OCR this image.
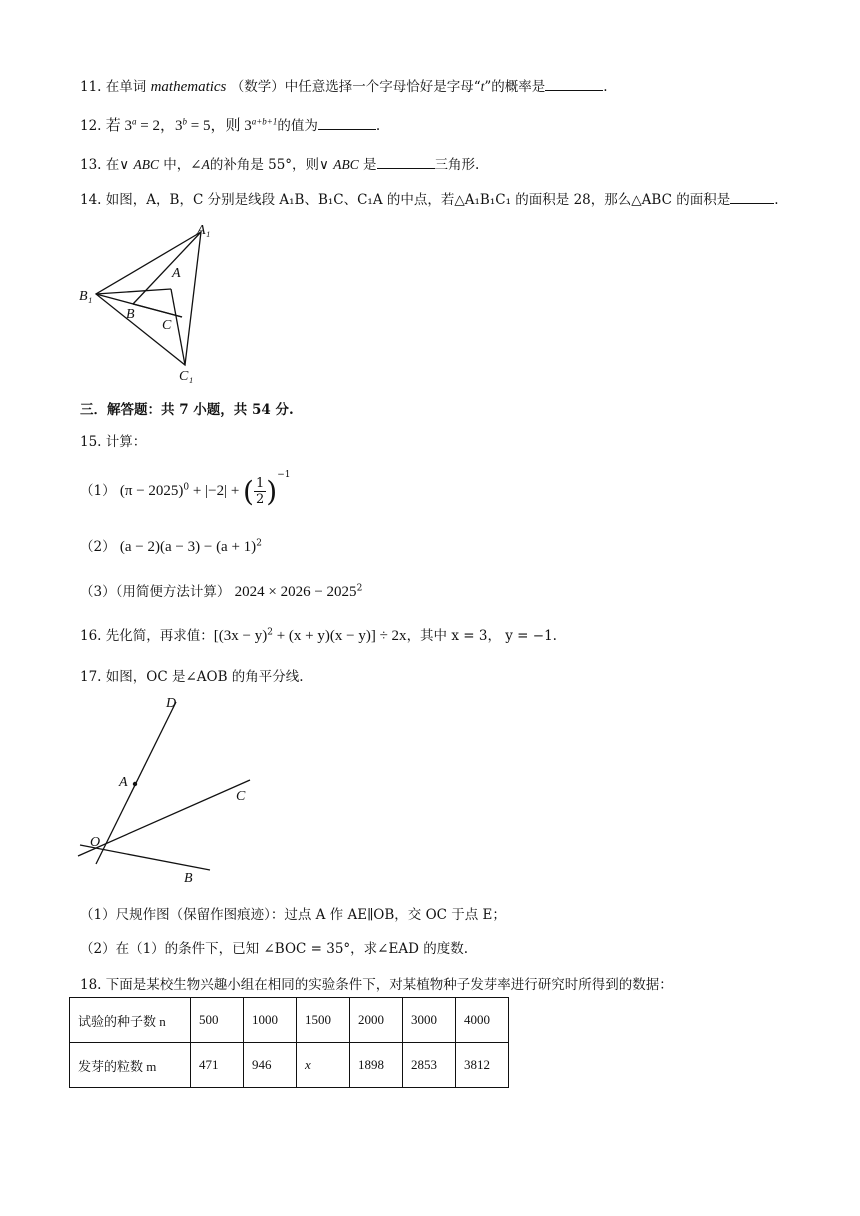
11. 在单词 mathematics （数学）中任意选择一个字母恰好是字母“t”的概率是	.
12. 若 $3^a = 2$，$3^b = 5$，则 $3^{a+b+1}$的值为	.
13. 在∨ ABC 中，∠A的补角是 55°，则∨ ABC 是	三角形.
14. 如图，A，B，C 分别是线段 A₁B、B₁C、C₁A 的中点，若△A₁B₁C₁ 的面积是 28，那么△ABC 的面积是	.
A₁
A
B₁
B
C
C₁
三．解答题：共 7 小题，共 54 分.
15. 计算：
（1） $(\pi - 2025)^0 + |-2|$ + ( $\frac{1}{2} )^{-1}$
（2） $(a - 2)(a - 3) - (a + 1)^2$
（3）（用简便方法计算） $2024 \times 2026 - 2025^2$
16. 先化简，再求值：$[(3x - y)^2 + (x + y)(x - y)] \div 2x$，其中 x = 3， y = −1.
17. 如图，OC 是∠AOB 的角平分线.
D
A
C
O
B
（1）尺规作图（保留作图痕迹）：过点 A 作 AE∥OB，交 OC 于点 E；
（2）在（1）的条件下，已知 ∠BOC = 35°，求∠EAD 的度数.
18. 下面是某校生物兴趣小组在相同的实验条件下，对某植物种子发芽率进行研究时所得到的数据：
试验的种子数 n	500	1000	1500	2000	3000	4000
发芽的粒数 m	471	946	x	1898	2853	3812
